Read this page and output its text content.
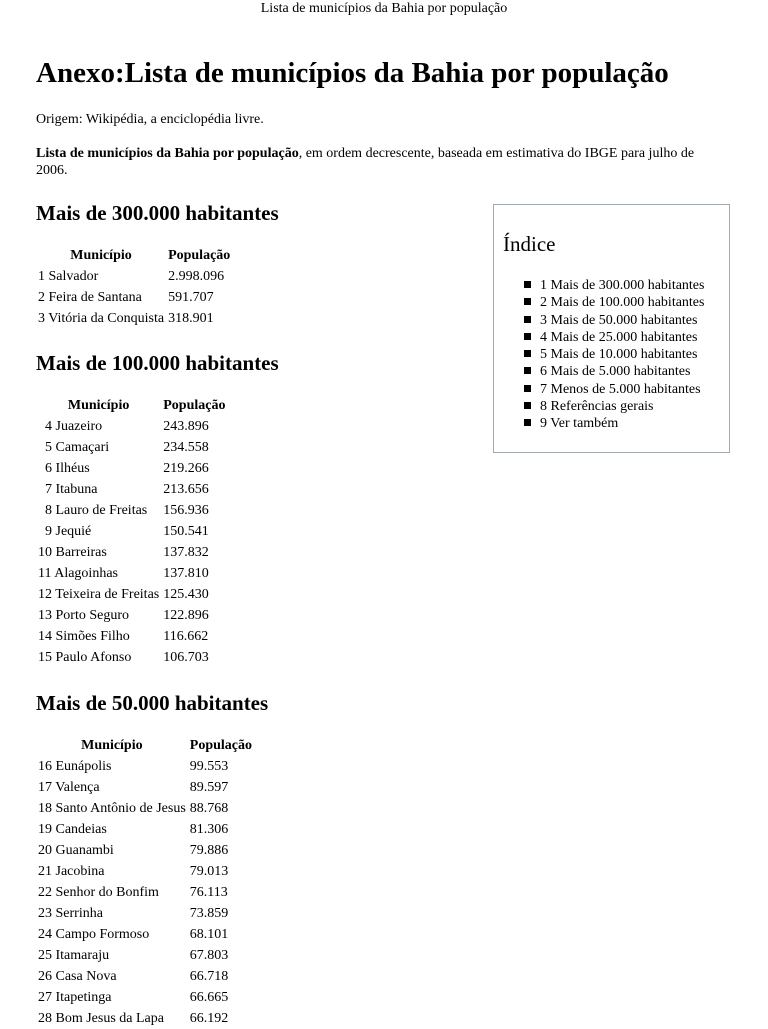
Lista de municípios da Bahia por população
Anexo:Lista de municípios da Bahia por população

Origem: Wikipédia, a enciclopédia livre.

Lista de municípios da Bahia por população, em ordem decrescente, baseada em estimativa do IBGE para julho de 2006.

Mais de 300.000 habitantes
Município	População
1 Salvador	2.998.096
2 Feira de Santana	591.707
3 Vitória da Conquista	318.901
Mais de 100.000 habitantes
Município	População
4 Juazeiro	243.896
5 Camaçari	234.558
6 Ilhéus	219.266
7 Itabuna	213.656
8 Lauro de Freitas	156.936
9 Jequié	150.541
10 Barreiras	137.832
11 Alagoinhas	137.810
12 Teixeira de Freitas	125.430
13 Porto Seguro	122.896
14 Simões Filho	116.662
15 Paulo Afonso	106.703
Mais de 50.000 habitantes
Município	População
16 Eunápolis	99.553
17 Valença	89.597
18 Santo Antônio de Jesus	88.768
19 Candeias	81.306
20 Guanambi	79.886
21 Jacobina	79.013
22 Senhor do Bonfim	76.113
23 Serrinha	73.859
24 Campo Formoso	68.101
25 Itamaraju	67.803
26 Casa Nova	66.718
27 Itapetinga	66.665
28 Bom Jesus da Lapa	66.192
Índice
1 Mais de 300.000 habitantes
2 Mais de 100.000 habitantes
3 Mais de 50.000 habitantes
4 Mais de 25.000 habitantes
5 Mais de 10.000 habitantes
6 Mais de 5.000 habitantes
7 Menos de 5.000 habitantes
8 Referências gerais
9 Ver também
